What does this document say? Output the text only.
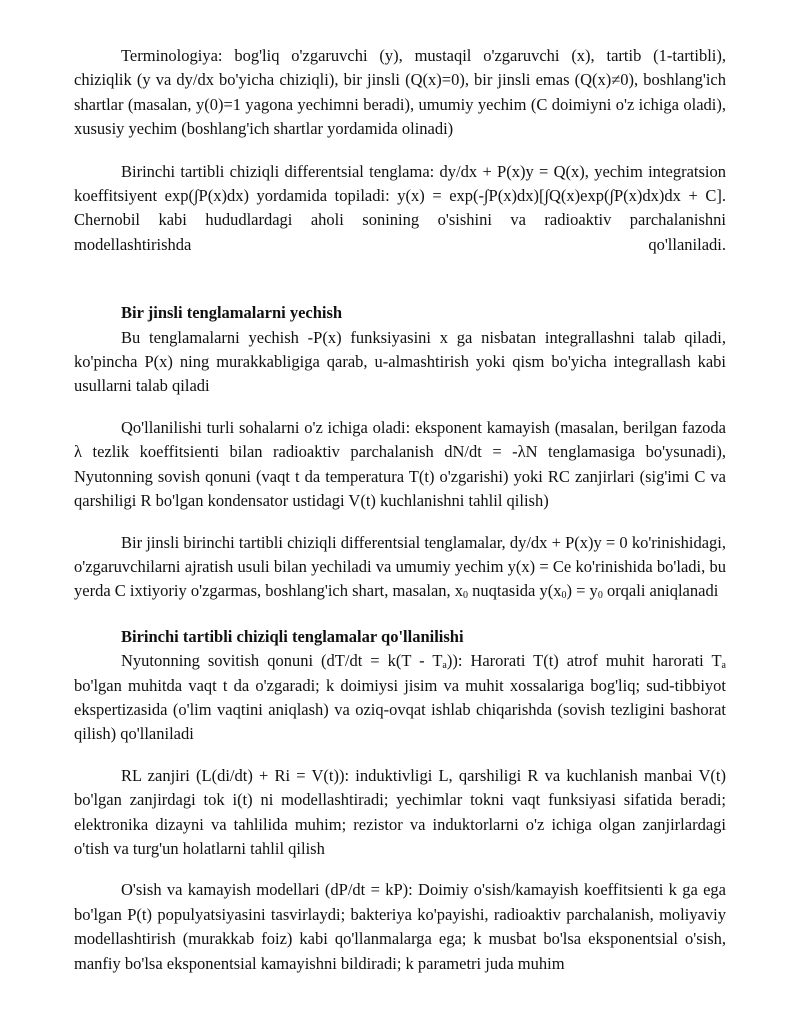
Terminologiya: bog'liq o'zgaruvchi (y), mustaqil o'zgaruvchi (x), tartib (1-tartibli), chiziqlik (y va dy/dx bo'yicha chiziqli), bir jinsli (Q(x)=0), bir jinsli emas (Q(x)≠0), boshlang'ich shartlar (masalan, y(0)=1 yagona yechimni beradi), umumiy yechim (C doimiyni o'z ichiga oladi), xususiy yechim (boshlang'ich shartlar yordamida olinadi)

Birinchi tartibli chiziqli differentsial tenglama: dy/dx + P(x)y = Q(x), yechim integratsion koeffitsiyent exp(∫P(x)dx) yordamida topiladi: y(x) = exp(-∫P(x)dx)[∫Q(x)exp(∫P(x)dx)dx + C]. Chernobil kabi hududlardagi aholi sonining o'sishini va radioaktiv parchalanishni modellashtirishda qo'llaniladi.

Bir jinsli tenglamalarni yechish

Bu tenglamalarni yechish -P(x) funksiyasini x ga nisbatan integrallashni talab qiladi, ko'pincha P(x) ning murakkabligiga qarab, u-almashtirish yoki qism bo'yicha integrallash kabi usullarni talab qiladi

Qo'llanilishi turli sohalarni o'z ichiga oladi: eksponent kamayish (masalan, berilgan fazoda λ tezlik koeffitsienti bilan radioaktiv parchalanish dN/dt = -λN tenglamasiga bo'ysunadi), Nyutonning sovish qonuni (vaqt t da temperatura T(t) o'zgarishi) yoki RC zanjirlari (sig'imi C va qarshiligi R bo'lgan kondensator ustidagi V(t) kuchlanishni tahlil qilish)

Bir jinsli birinchi tartibli chiziqli differentsial tenglamalar, dy/dx + P(x)y = 0 ko'rinishidagi, o'zgaruvchilarni ajratish usuli bilan yechiladi va umumiy yechim y(x) = Ce ko'rinishida bo'ladi, bu yerda C ixtiyoriy o'zgarmas, boshlang'ich shart, masalan, $x_0$ nuqtasida $y(x_0) = y_0$ orqali aniqlanadi

Birinchi tartibli chiziqli tenglamalar qo'llanilishi

Nyutonning sovitish qonuni $(dT/dt = k(T - T_a))$: Harorati T(t) atrof muhit harorati $T_a$ bo'lgan muhitda vaqt t da o'zgaradi; k doimiysi jisim va muhit xossalariga bog'liq; sud-tibbiyot ekspertizasida (o'lim vaqtini aniqlash) va oziq-ovqat ishlab chiqarishda (sovish tezligini bashorat qilish) qo'llaniladi

RL zanjiri (L(di/dt) + Ri = V(t)): induktivligi L, qarshiligi R va kuchlanish manbai V(t) bo'lgan zanjirdagi tok i(t) ni modellashtiradi; yechimlar tokni vaqt funksiyasi sifatida beradi; elektronika dizayni va tahlilida muhim; rezistor va induktorlarni o'z ichiga olgan zanjirlardagi o'tish va turg'un holatlarni tahlil qilish

O'sish va kamayish modellari (dP/dt = kP): Doimiy o'sish/kamayish koeffitsienti k ga ega bo'lgan P(t) populyatsiyasini tasvirlaydi; bakteriya ko'payishi, radioaktiv parchalanish, moliyaviy modellashtirish (murakkab foiz) kabi qo'llanmalarga ega; k musbat bo'lsa eksponentsial o'sish, manfiy bo'lsa eksponentsial kamayishni bildiradi; k parametri juda muhim
